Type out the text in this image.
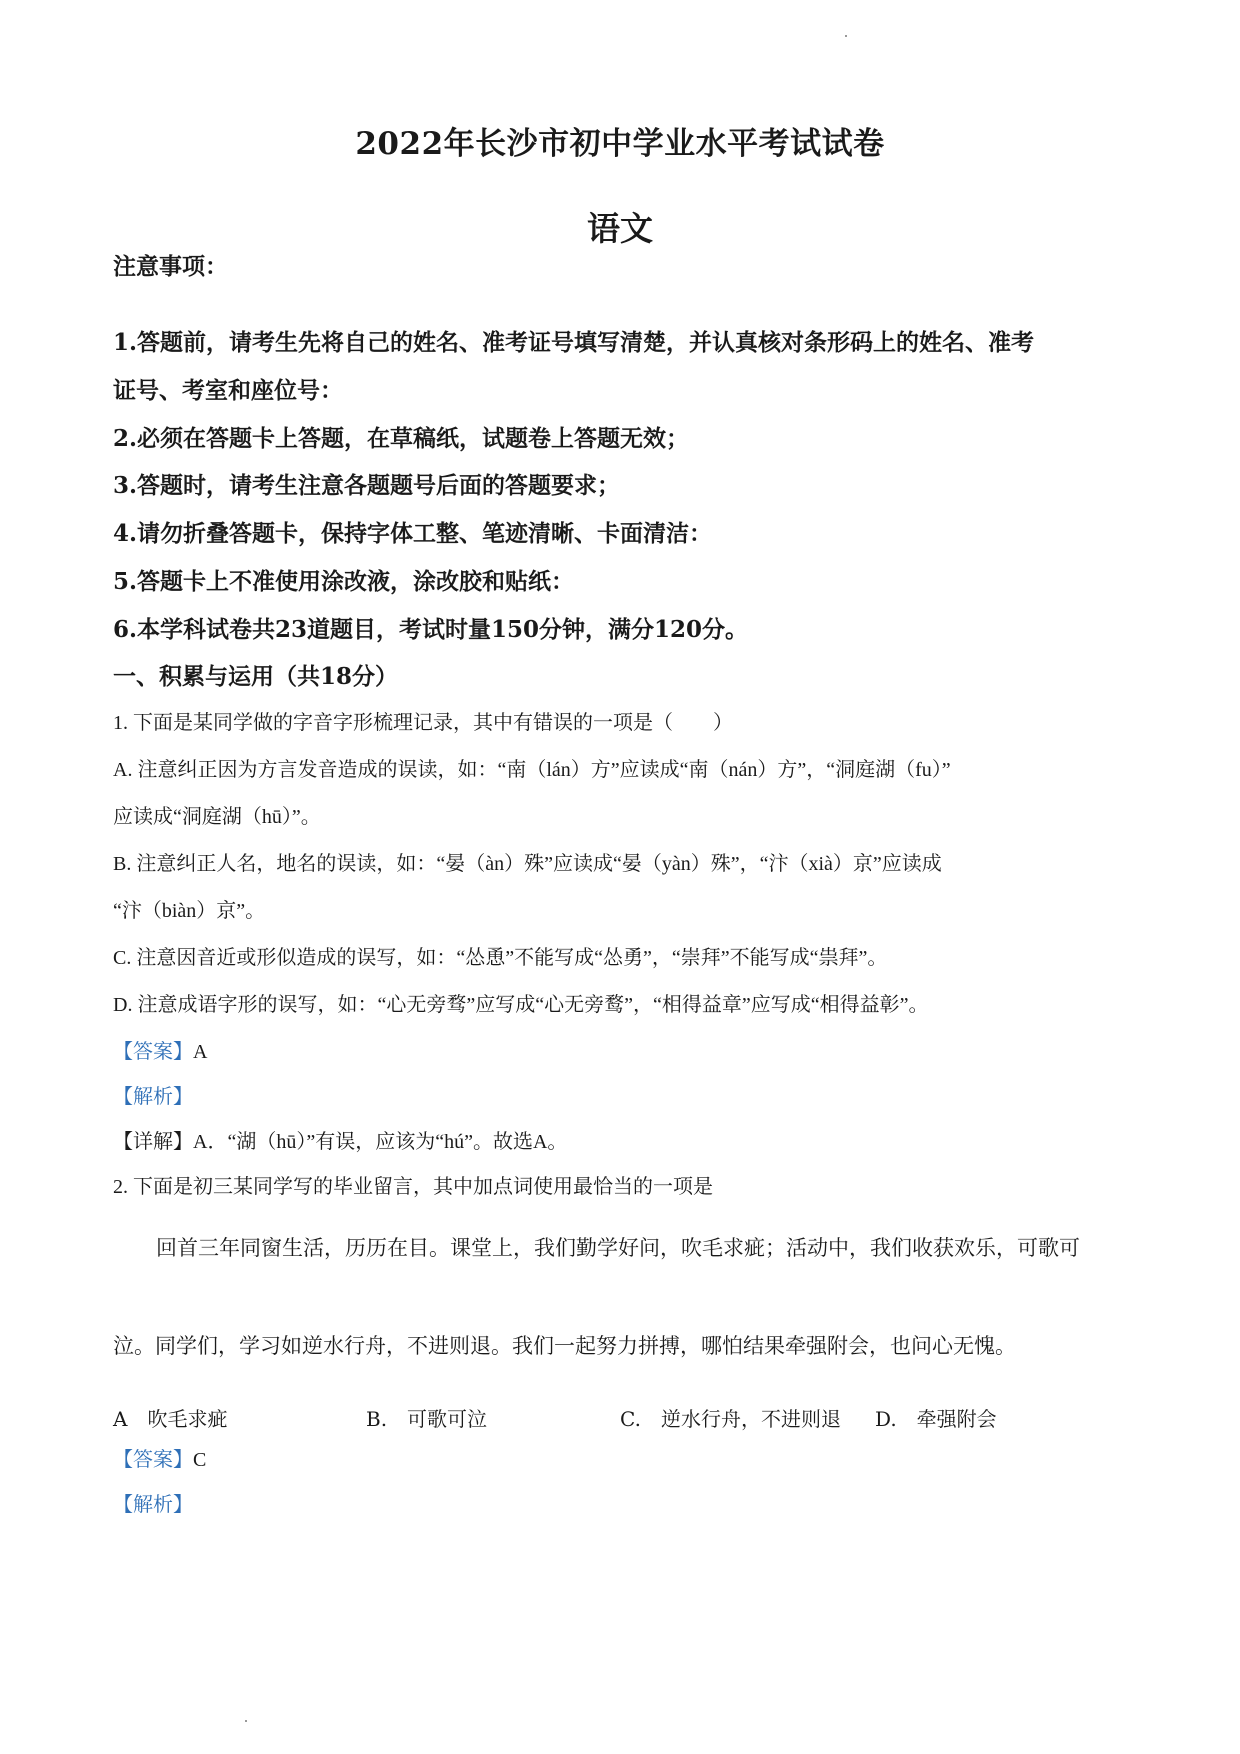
2022年长沙市初中学业水平考试试卷
语文
注意事项：
1.答题前，请考生先将自己的姓名、准考证号填写清楚，并认真核对条形码上的姓名、准考
证号、考室和座位号：
2.必须在答题卡上答题，在草稿纸，试题卷上答题无效；
3.答题时，请考生注意各题题号后面的答题要求；
4.请勿折叠答题卡，保持字体工整、笔迹清晰、卡面清洁：
5.答题卡上不准使用涂改液，涂改胶和贴纸：
6.本学科试卷共23道题目，考试时量150分钟，满分120分。
一、积累与运用（共18分）
1. 下面是某同学做的字音字形梳理记录，其中有错误的一项是（　　）
A. 注意纠正因为方言发音造成的误读，如：“南（lán）方”应读成“南（nán）方”，“洞庭湖（fu）”
应读成“洞庭湖（hū）”。
B. 注意纠正人名，地名的误读，如：“晏（àn）殊”应读成“晏（yàn）殊”，“汴（xià）京”应读成
“汴（biàn）京”。
C. 注意因音近或形似造成的误写，如：“怂恿”不能写成“怂勇”，“崇拜”不能写成“祟拜”。
D. 注意成语字形的误写，如：“心无旁骛”应写成“心无旁鹜”，“相得益章”应写成“相得益彰”。
【答案】A
【解析】
【详解】A．“湖（hū）”有误，应该为“hú”。故选A。
2. 下面是初三某同学写的毕业留言，其中加点词使用最恰当的一项是
回首三年同窗生活，历历在目。课堂上，我们勤学好问，吹毛求疵；活动中，我们收获欢乐，可歌可
泣。同学们，学习如逆水行舟，不进则退。我们一起努力拼搏，哪怕结果牵强附会，也问心无愧。
A　吹毛求疵	B.　可歌可泣	C.　逆水行舟，不进则退 D.　牵强附会
【答案】C
【解析】
